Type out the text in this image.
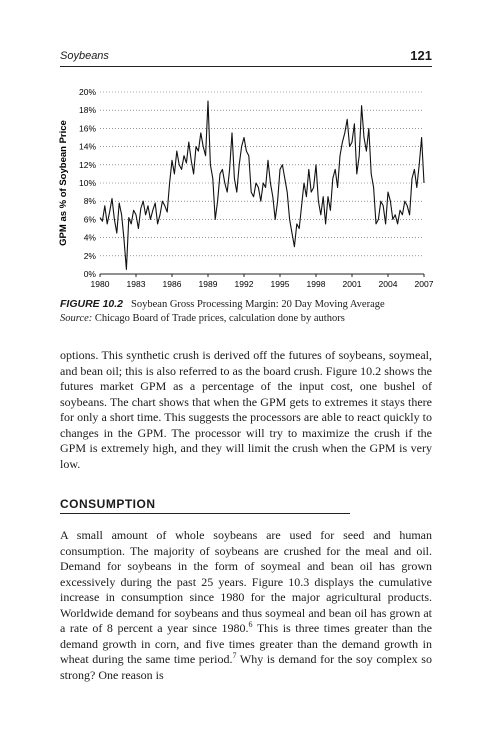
Soybeans	121
0%
2%
4%
6%
8%
10%
12%
14%
16%
18%
20%
1980 1983 1986 1989 1992 1995 1998 2001 2004 2007
GPM as % of Soybean Price
FIGURE 10.2 Soybean Gross Processing Margin: 20 Day Moving Average
Source: Chicago Board of Trade prices, calculation done by authors

options. This synthetic crush is derived off the futures of soybeans, soymeal, and bean oil; this is also referred to as the board crush. Figure 10.2 shows the futures market GPM as a percentage of the input cost, one bushel of soybeans. The chart shows that when the GPM gets to extremes it stays there for only a short time. This suggests the processors are able to react quickly to changes in the GPM. The processor will try to maximize the crush if the GPM is extremely high, and they will limit the crush when the GPM is very low.

CONSUMPTION

A small amount of whole soybeans are used for seed and human consumption. The majority of soybeans are crushed for the meal and oil. Demand for soybeans in the form of soymeal and bean oil has grown excessively during the past 25 years. Figure 10.3 displays the cumulative increase in consumption since 1980 for the major agricultural products. Worldwide demand for soybeans and thus soymeal and bean oil has grown at a rate of 8 percent a year since 1980.$^6$ This is three times greater than the demand growth in corn, and five times greater than the demand growth in wheat during the same time period.$^7$ Why is demand for the soy complex so strong? One reason is
